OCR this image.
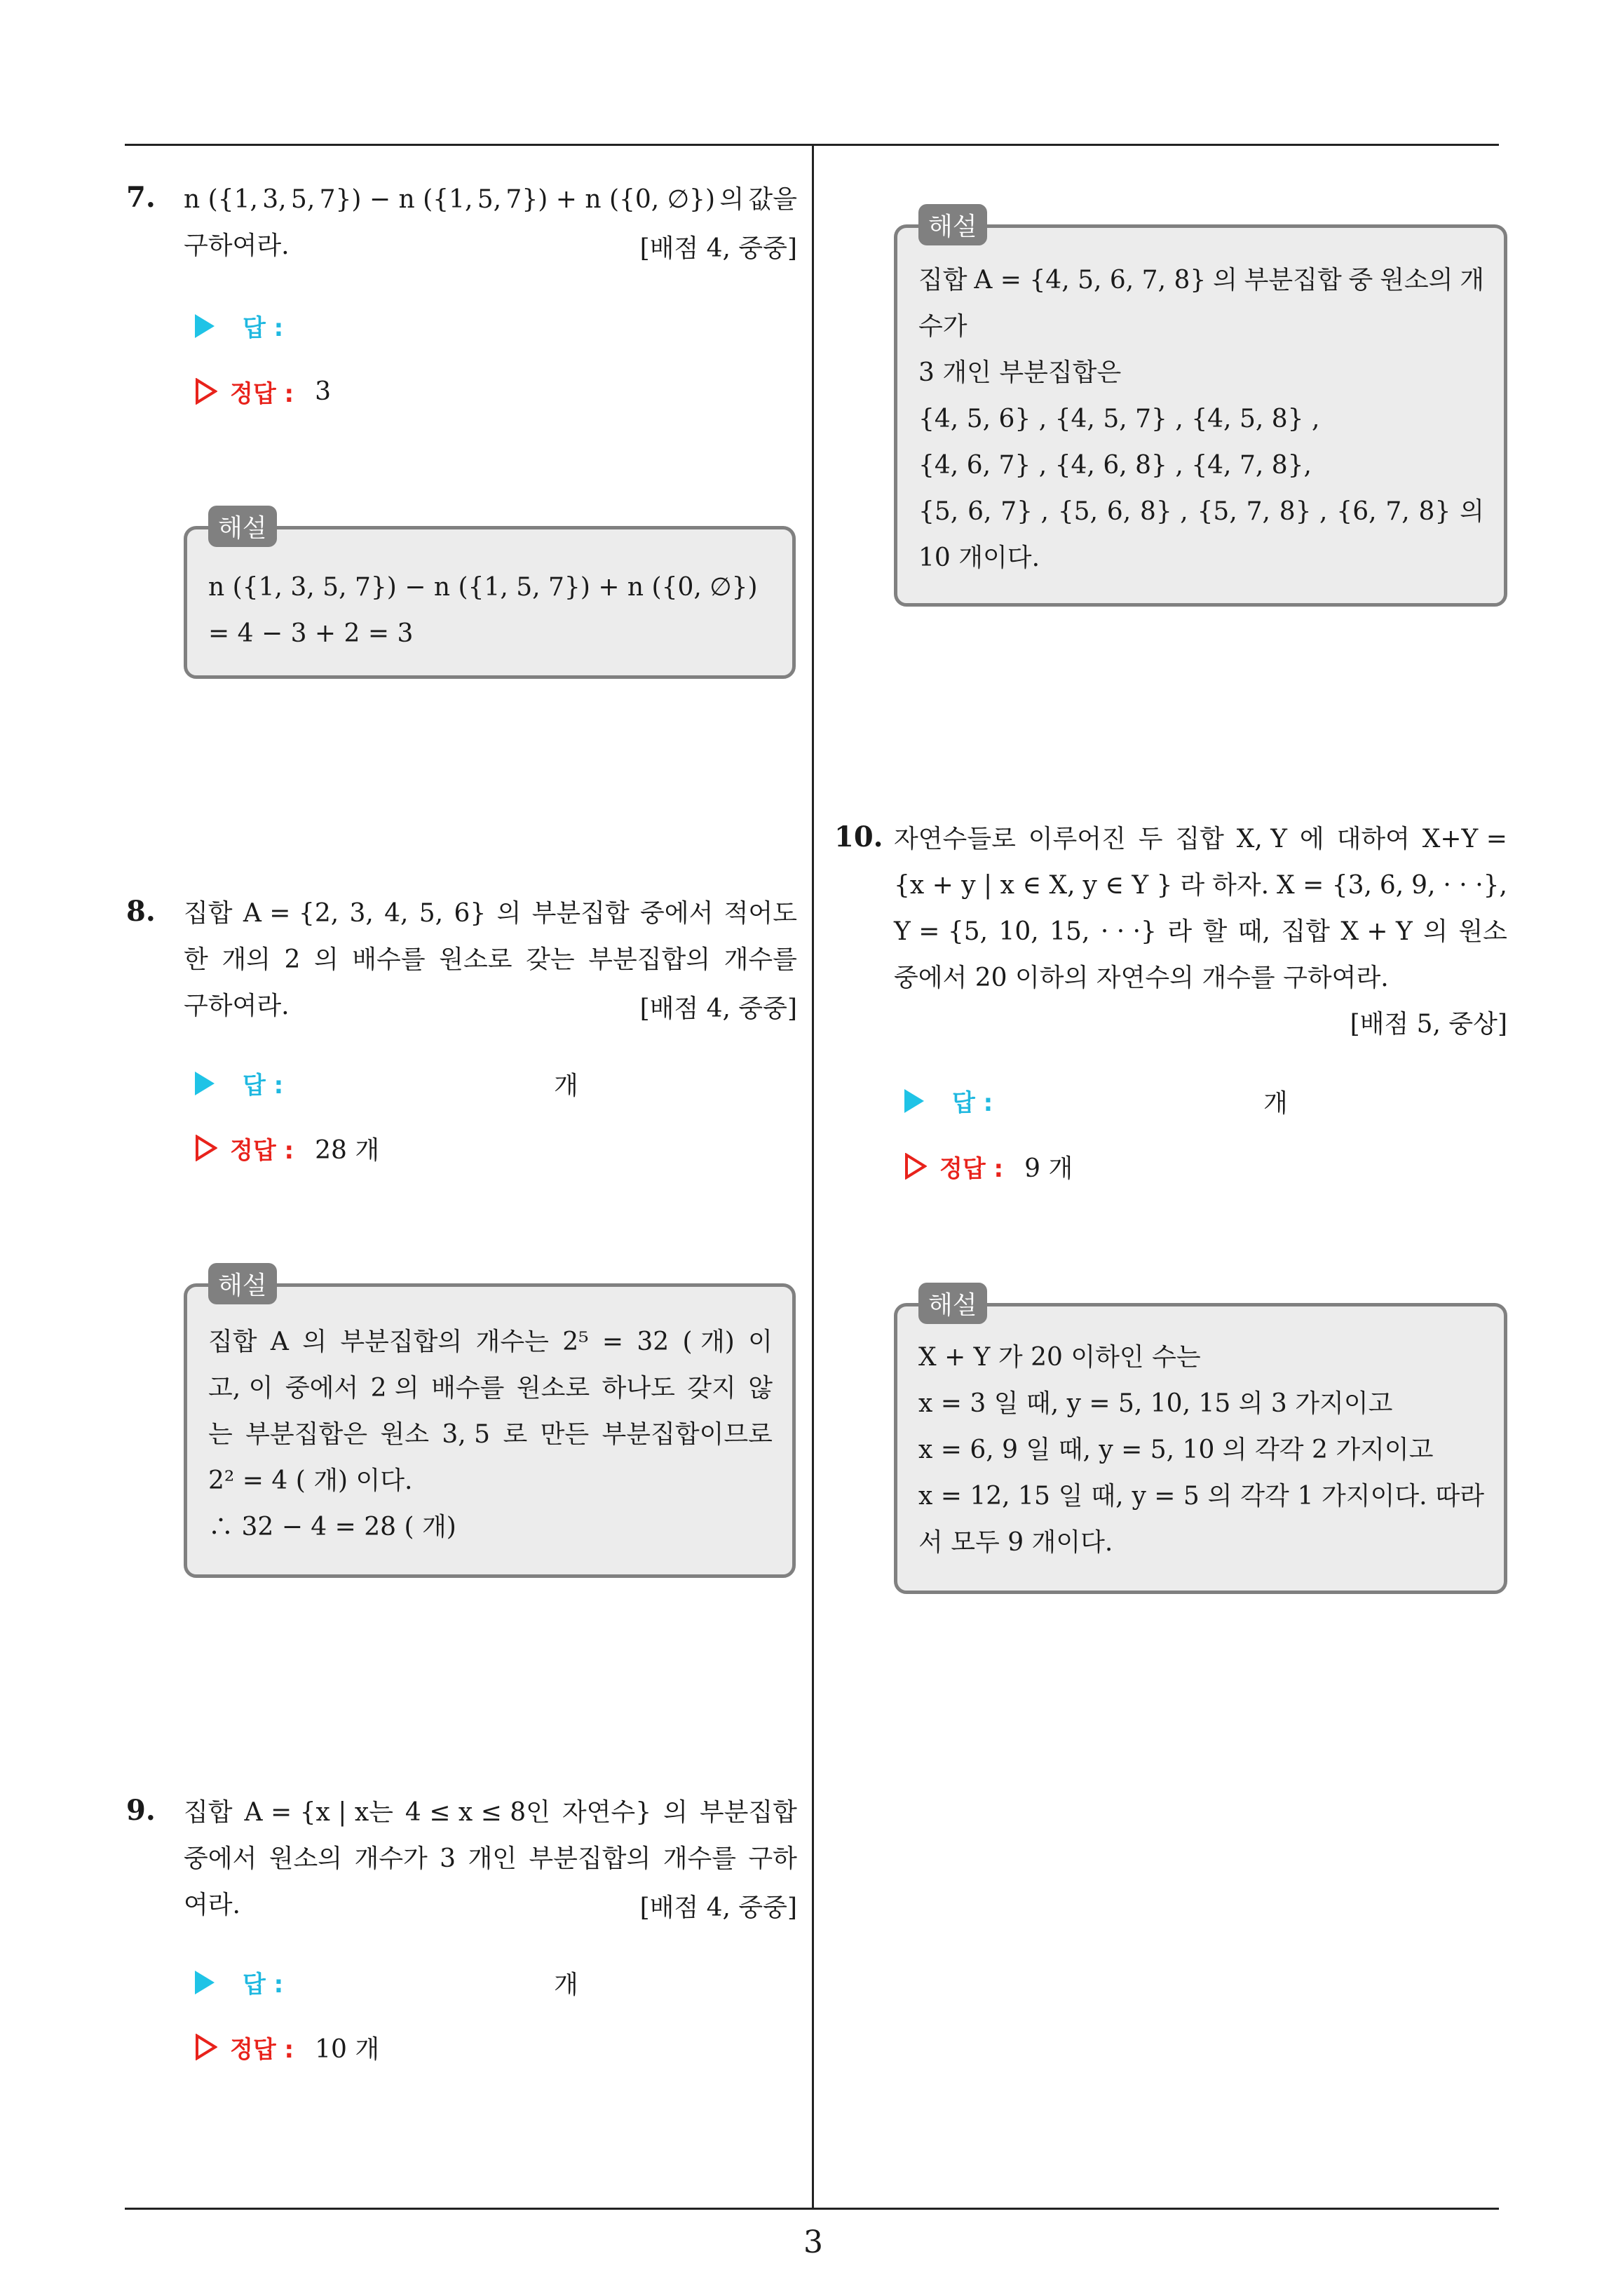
7. n ({1, 3, 5, 7}) − n ({1, 5, 7}) + n ({0, ∅}) 의 값을
구하여라.	[배점 4, 중중]
답 :
정답 : 3
해설
n ({1, 3, 5, 7}) − n ({1, 5, 7}) + n ({0, ∅})
= 4 − 3 + 2 = 3
8. 집합 A = {2, 3, 4, 5, 6} 의 부분집합 중에서 적어도
한 개의 2 의 배수를 원소로 갖는 부분집합의 개수를
구하여라.	[배점 4, 중중]
답 :	개
정답 : 28 개
해설
집합 A 의 부분집합의 개수는 2⁵ = 32 ( 개) 이
고, 이 중에서 2 의 배수를 원소로 하나도 갖지 않
는 부분집합은 원소 3, 5 로 만든 부분집합이므로
2² = 4 ( 개) 이다.
∴ 32 − 4 = 28 ( 개)
9. 집합 A = {x | x는 4 ≤ x ≤ 8인 자연수} 의 부분집합
중에서 원소의 개수가 3 개인 부분집합의 개수를 구하
여라.	[배점 4, 중중]
답 :	개
정답 : 10 개
해설
집합 A = {4, 5, 6, 7, 8} 의 부분집합 중 원소의 개
수가
3 개인 부분집합은
{4, 5, 6} , {4, 5, 7} , {4, 5, 8} ,
{4, 6, 7} , {4, 6, 8} , {4, 7, 8},
{5, 6, 7} , {5, 6, 8} , {5, 7, 8} , {6, 7, 8} 의
10 개이다.
10. 자연수들로 이루어진 두 집합 X, Y 에 대하여 X+Y =
{x + y | x ∈ X, y ∈ Y } 라 하자. X = {3, 6, 9, · · ·},
Y = {5, 10, 15, · · ·} 라 할 때, 집합 X + Y 의 원소
중에서 20 이하의 자연수의 개수를 구하여라.
[배점 5, 중상]
답 :	개
정답 : 9 개
해설
X + Y 가 20 이하인 수는
x = 3 일 때, y = 5, 10, 15 의 3 가지이고
x = 6, 9 일 때, y = 5, 10 의 각각 2 가지이고
x = 12, 15 일 때, y = 5 의 각각 1 가지이다. 따라
서 모두 9 개이다.
3
